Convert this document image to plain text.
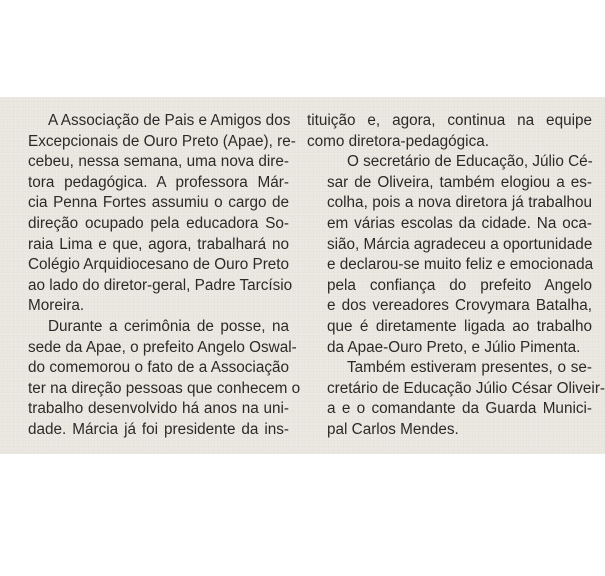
A Associação de Pais e Amigos dos
Excepcionais de Ouro Preto (Apae), re-
cebeu, nessa semana, uma nova dire-
tora pedagógica. A professora Már-
cia Penna Fortes assumiu o cargo de
direção ocupado pela educadora So-
raia Lima e que, agora, trabalhará no
Colégio Arquidiocesano de Ouro Preto
ao lado do diretor-geral, Padre Tarcísio
Moreira.

Durante a cerimônia de posse, na
sede da Apae, o prefeito Angelo Oswal-
do comemorou o fato de a Associação
ter na direção pessoas que conhecem o
trabalho desenvolvido há anos na uni-
dade. Márcia já foi presidente da ins-

tituição e, agora, continua na equipe
como diretora-pedagógica.

O secretário de Educação, Júlio Cé-
sar de Oliveira, também elogiou a es-
colha, pois a nova diretora já trabalhou
em várias escolas da cidade. Na oca-
sião, Márcia agradeceu a oportunidade
e declarou-se muito feliz e emocionada
pela confiança do prefeito Angelo
e dos vereadores Crovymara Batalha,
que é diretamente ligada ao trabalho
da Apae-Ouro Preto, e Júlio Pimenta.

Também estiveram presentes, o se-
cretário de Educação Júlio César Oliveir-
a e o comandante da Guarda Munici-
pal Carlos Mendes.
